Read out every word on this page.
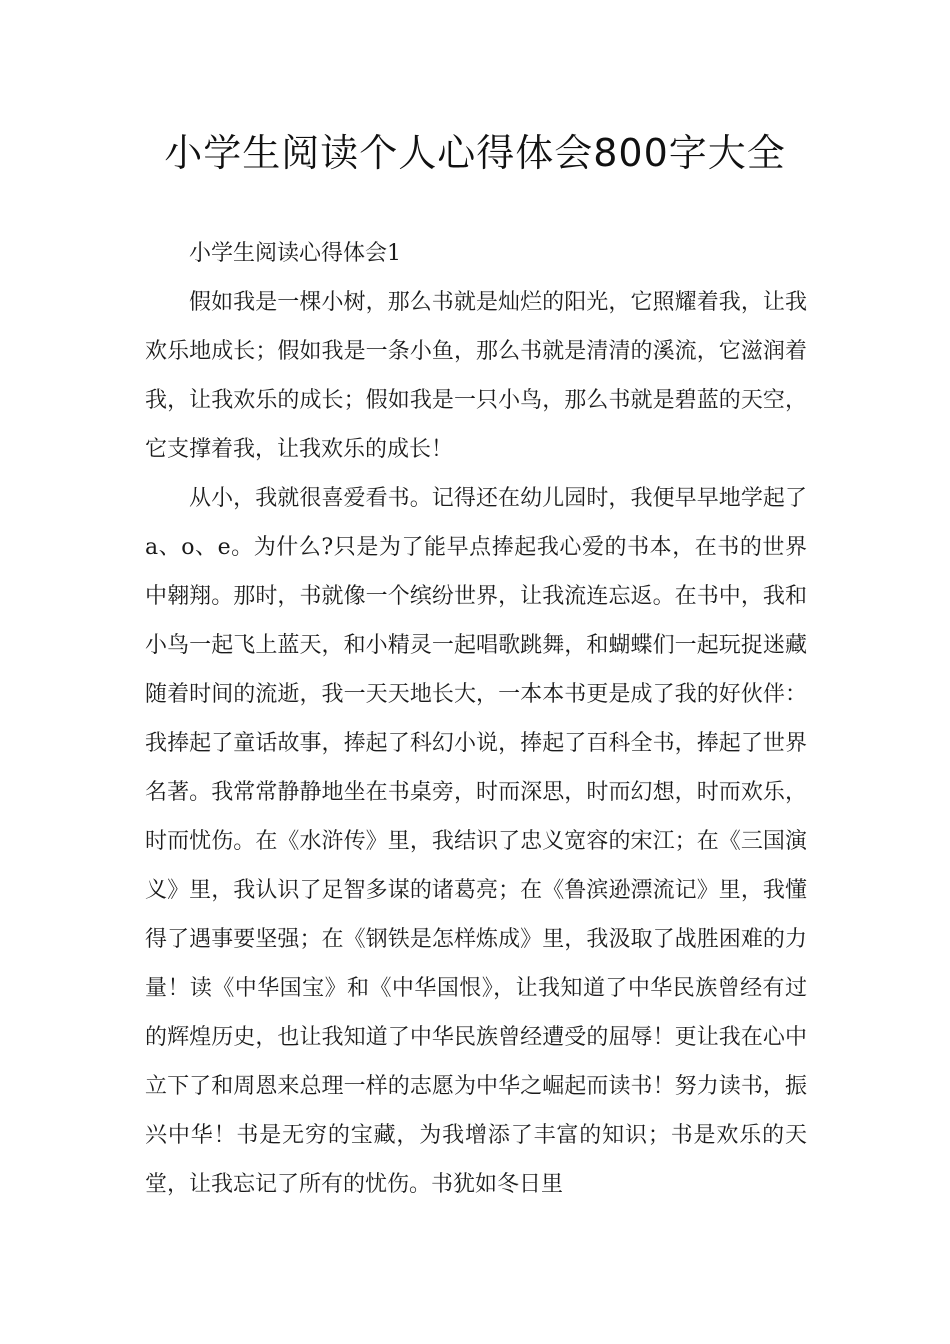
小学生阅读个人心得体会800字大全

小学生阅读心得体会1

假如我是一棵小树，那么书就是灿烂的阳光，它照耀着我，让我欢乐地成长；假如我是一条小鱼，那么书就是清清的溪流，它滋润着我，让我欢乐的成长；假如我是一只小鸟，那么书就是碧蓝的天空，它支撑着我，让我欢乐的成长！

从小，我就很喜爱看书。记得还在幼儿园时，我便早早地学起了a、o、e。为什么?只是为了能早点捧起我心爱的书本，在书的世界中翱翔。那时，书就像一个缤纷世界，让我流连忘返。在书中，我和小鸟一起飞上蓝天，和小精灵一起唱歌跳舞，和蝴蝶们一起玩捉迷藏随着时间的流逝，我一天天地长大，一本本书更是成了我的好伙伴：我捧起了童话故事，捧起了科幻小说，捧起了百科全书，捧起了世界名著。我常常静静地坐在书桌旁，时而深思，时而幻想，时而欢乐，时而忧伤。在《水浒传》里，我结识了忠义宽容的宋江；在《三国演义》里，我认识了足智多谋的诸葛亮；在《鲁滨逊漂流记》里，我懂得了遇事要坚强；在《钢铁是怎样炼成》里，我汲取了战胜困难的力量！读《中华国宝》和《中华国恨》，让我知道了中华民族曾经有过的辉煌历史，也让我知道了中华民族曾经遭受的屈辱！更让我在心中立下了和周恩来总理一样的志愿为中华之崛起而读书！努力读书，振兴中华！书是无穷的宝藏，为我增添了丰富的知识；书是欢乐的天堂，让我忘记了所有的忧伤。书犹如冬日里
